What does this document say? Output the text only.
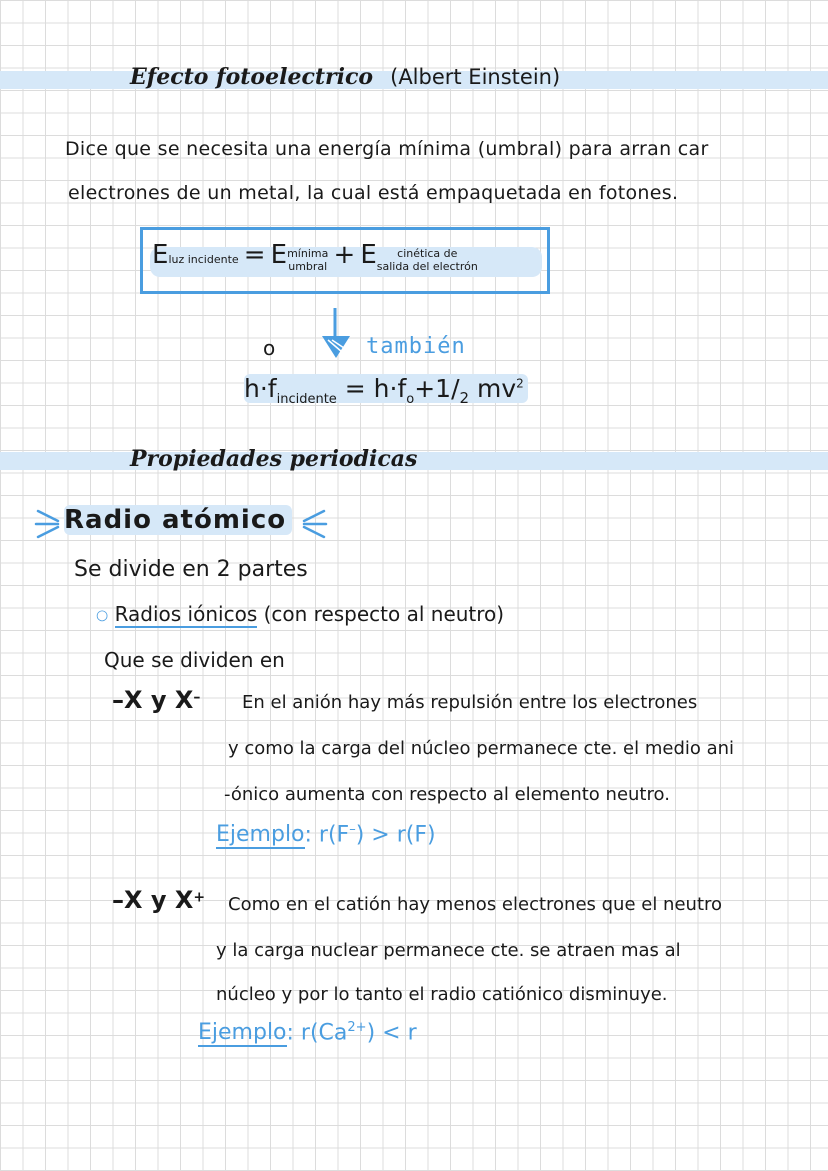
Efecto fotoelectrico (Albert Einstein)
Dice que se necesita una energía mínima (umbral) para arran car
electrones de un metal, la cual está empaquetada en fotones.
Eluz incidente = Emínima
umbral + E cinética de
salida del electrón
o	también
$h\cdot f_{incidente} = h\cdot f_o+1/_2$ $mv^2$
Propiedades periodicas
Radio atómico
Se divide en 2 partes
○ Radios iónicos (con respecto al neutro)
Que se dividen en
–X y X– En el anión hay más repulsión entre los electrones
y como la carga del núcleo permanece cte. el medio ani
-ónico aumenta con respecto al elemento neutro.
Ejemplo: r(F–) > r(F)
–X y X+ Como en el catión hay menos electrones que el neutro
y la carga nuclear permanece cte. se atraen mas al
núcleo y por lo tanto el radio catiónico disminuye.
Ejemplo: $r(Ca^{2+}) < r$
